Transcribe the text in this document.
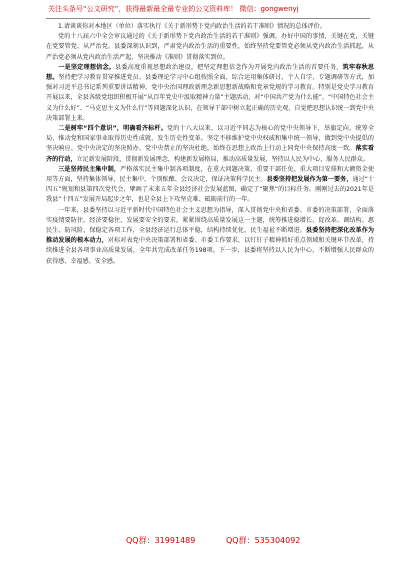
关注头条号“公文研究”，获得最新最全最专业的公文资料库！ 微信：gongwenyj

1.请谈谈你对本地区（单位）落实执行《关于新形势下党内政治生活的若干准则》情况的总体评价。

党的十八届六中全会审议通过的《关于新形势下党内政治生活的若干准则》强调，办好中国的事情，关键在党，关键在党要管党、从严治党。县委深刻认识到，严肃党内政治生活的重要性，始终坚持党要管党必须从党内政治生活抓起，从严治党必须从党内政治生活严起，坚决推动《准则》贯彻落实到位。

一是坚定理想信念。县委高度重视思想政治建设，把坚定理想信念作为开展党内政治生活的首要任务，筑牢春秋思想。坚持把学习教育贯穿推进党员、县委理论学习中心组按照全面、综合运用集体研讨、个人自学、专题调研等方式，加强对习近平总书记系列重要讲话精神、党中央治国理政新理念新思想新战略和党章党规的学习教育。特别是党史学习教育开展以来，全县各级党组织积极开展“从百年党史中汲取精神力量”主题活动，对“中国共产党为什么能”、“中国特色社会主义为什么好”、“马克思主义为什么行”等问题深化认识，在领导干部中树立起正确的历史观，自觉把思想认识统一到党中央决策部署上来。

二是树牢“四个意识”，明确看齐标杆。党的十八大以来，以习近平同志为核心的党中央领导下，举旗定向，统筹全局，推动党和国家事业取得历史性成就、发生历史性变革。坚定不移维护党中央权威和集中统一领导，做到党中央提倡的坚决响应、党中央决定的坚决照办、党中央禁止的坚决杜绝，始终在思想上政治上行动上同党中央保持高度一致。落实看齐的行动，立足新发展阶段，贯彻新发展理念，构建新发展格局，推动高质量发展，坚持以人民为中心，服务人民群众。

三是坚持民主集中制，严格落实民主集中制各项制度，在重大问题决策、重要干部任免、重大项目安排和大额资金使用等方面，坚持集体领导、民主集中、个别酝酿、会议决定，保证决策科学民主。县委坚持把发展作为第一要务，通过“十四五”规划和县第四次党代会，擘画了未来五年全县经济社会发展蓝图，确定了“聚焦”的目标任务。刚刚过去的2021年是我县“十四五”发展开局起步之年，也是全县上下攻坚克难、砥砺前行的一年。

一年来，县委坚持以习近平新时代中国特色社会主义思想为指导，深入贯彻党中央和省委、市委的决策部署，全面落实疫情要防住、经济要稳住、发展要安全的要求，紧紧围绕高质量发展这一主题，统筹推进稳增长、促改革、调结构、惠民生、防风险、保稳定各项工作，全县经济运行总体平稳，结构持续优化，民生福祉不断增进。县委坚持把深化改革作为推动发展的根本动力，对标对表党中央决策部署和省委、市委工作要求，以钉钉子精神抓好重点领域和关键环节改革，持续推进全县各项事业高质量发展，全年共完成改革任务198项。下一步，县委将坚持以人民为中心，不断增强人民群众的获得感、幸福感、安全感。

QQ群：31991489	QQ群：535304092
